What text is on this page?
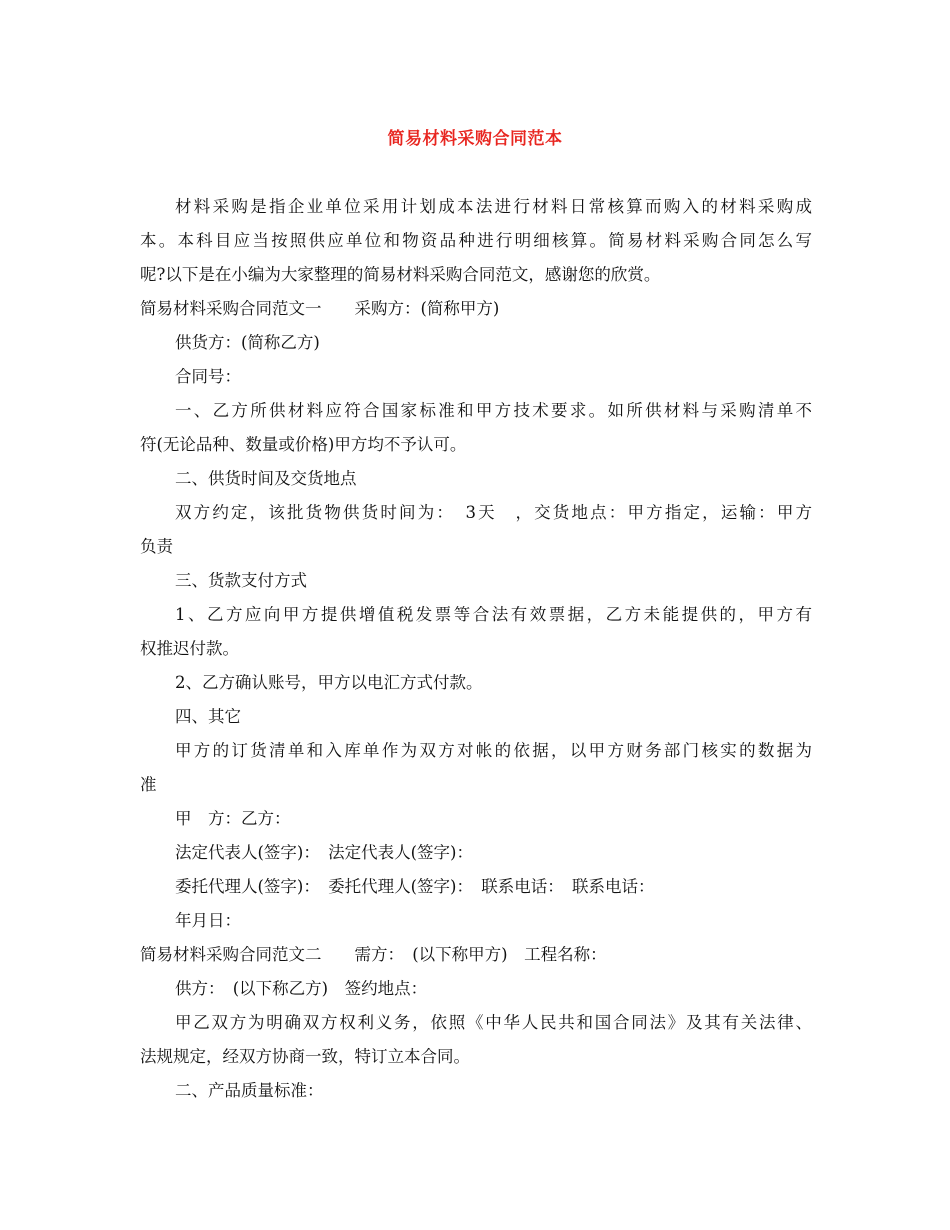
简易材料采购合同范本
材料采购是指企业单位采用计划成本法进行材料日常核算而购入的材料采购成
本。本科目应当按照供应单位和物资品种进行明细核算。简易材料采购合同怎么写
呢?以下是在小编为大家整理的简易材料采购合同范文，感谢您的欣赏。
简易材料采购合同范文一　　采购方：(简称甲方)
供货方：(简称乙方)
合同号：
一、乙方所供材料应符合国家标准和甲方技术要求。如所供材料与采购清单不
符(无论品种、数量或价格)甲方均不予认可。
二、供货时间及交货地点
双方约定，该批货物供货时间为：　3天　，交货地点：甲方指定，运输：甲方
负责
三、货款支付方式
1、乙方应向甲方提供增值税发票等合法有效票据，乙方未能提供的，甲方有
权推迟付款。
2、乙方确认账号，甲方以电汇方式付款。
四、其它
甲方的订货清单和入库单作为双方对帐的依据，以甲方财务部门核实的数据为
准
甲　方：乙方：
法定代表人(签字)：　法定代表人(签字)：
委托代理人(签字)：　委托代理人(签字)：　联系电话：　联系电话：
年月日：
简易材料采购合同范文二　　需方：　(以下称甲方)　工程名称：
供方：　(以下称乙方)　签约地点：
甲乙双方为明确双方权利义务，依照《中华人民共和国合同法》及其有关法律、
法规规定，经双方协商一致，特订立本合同。
二、产品质量标准：
